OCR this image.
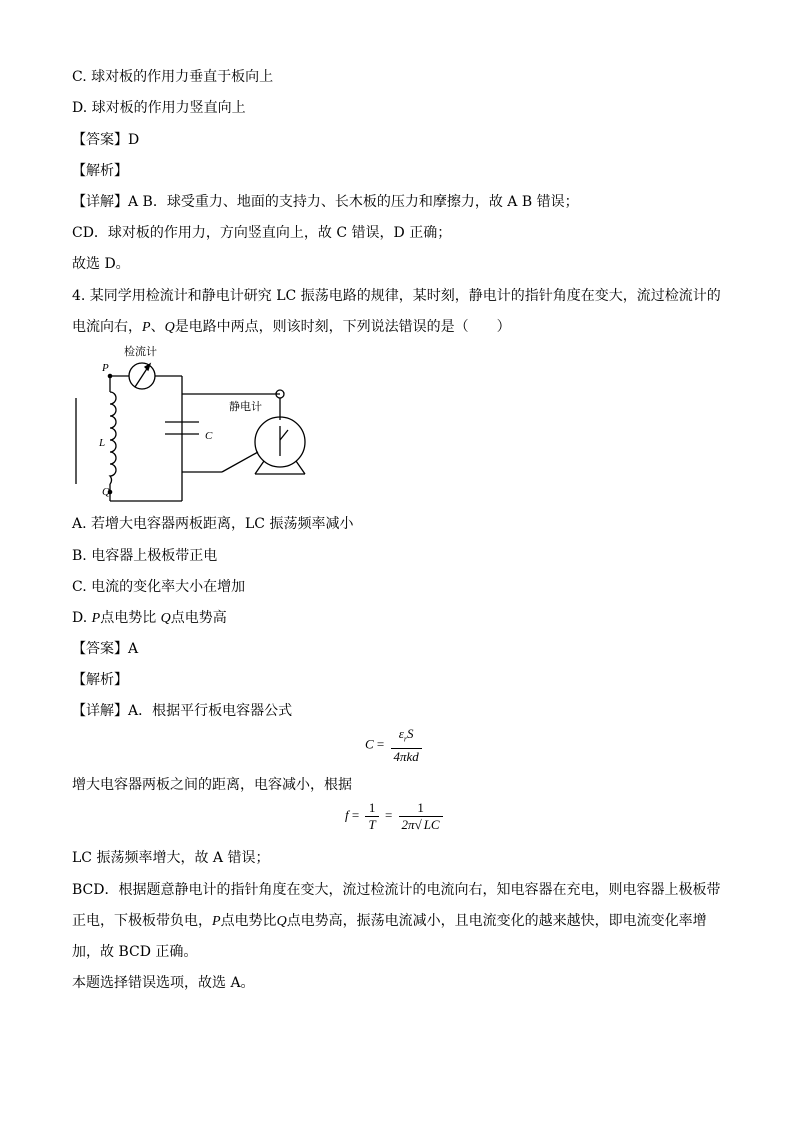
C. 球对板的作用力垂直于板向上
D. 球对板的作用力竖直向上
【答案】D
【解析】
【详解】A B．球受重力、地面的支持力、长木板的压力和摩擦力，故 A B 错误；
CD．球对板的作用力，方向竖直向上，故 C 错误，D 正确；
故选 D。
4. 某同学用检流计和静电计研究 LC 振荡电路的规律，某时刻，静电计的指针角度在变大，流过检流计的
电流向右，P、Q是电路中两点，则该时刻，下列说法错误的是（　　）
检流计
静电计
P
Q
L
C
A. 若增大电容器两板距离，LC 振荡频率减小
B. 电容器上极板带正电
C. 电流的变化率大小在增加
D. P点电势比 Q点电势高
【答案】A
【解析】
【详解】A．根据平行板电容器公式
$C = \frac{\varepsilon_rS}{\text{4πkd}}$
增大电容器两板之间的距离，电容减小，根据
$f = \frac{1}{T} = \frac{1}{2\pi√ LC}$
LC 振荡频率增大，故 A 错误；
BCD．根据题意静电计的指针角度在变大，流过检流计的电流向右，知电容器在充电，则电容器上极板带
正电，下极板带负电，P点电势比Q点电势高，振荡电流减小，且电流变化的越来越快，即电流变化率增
加，故 BCD 正确。
本题选择错误选项，故选 A。
